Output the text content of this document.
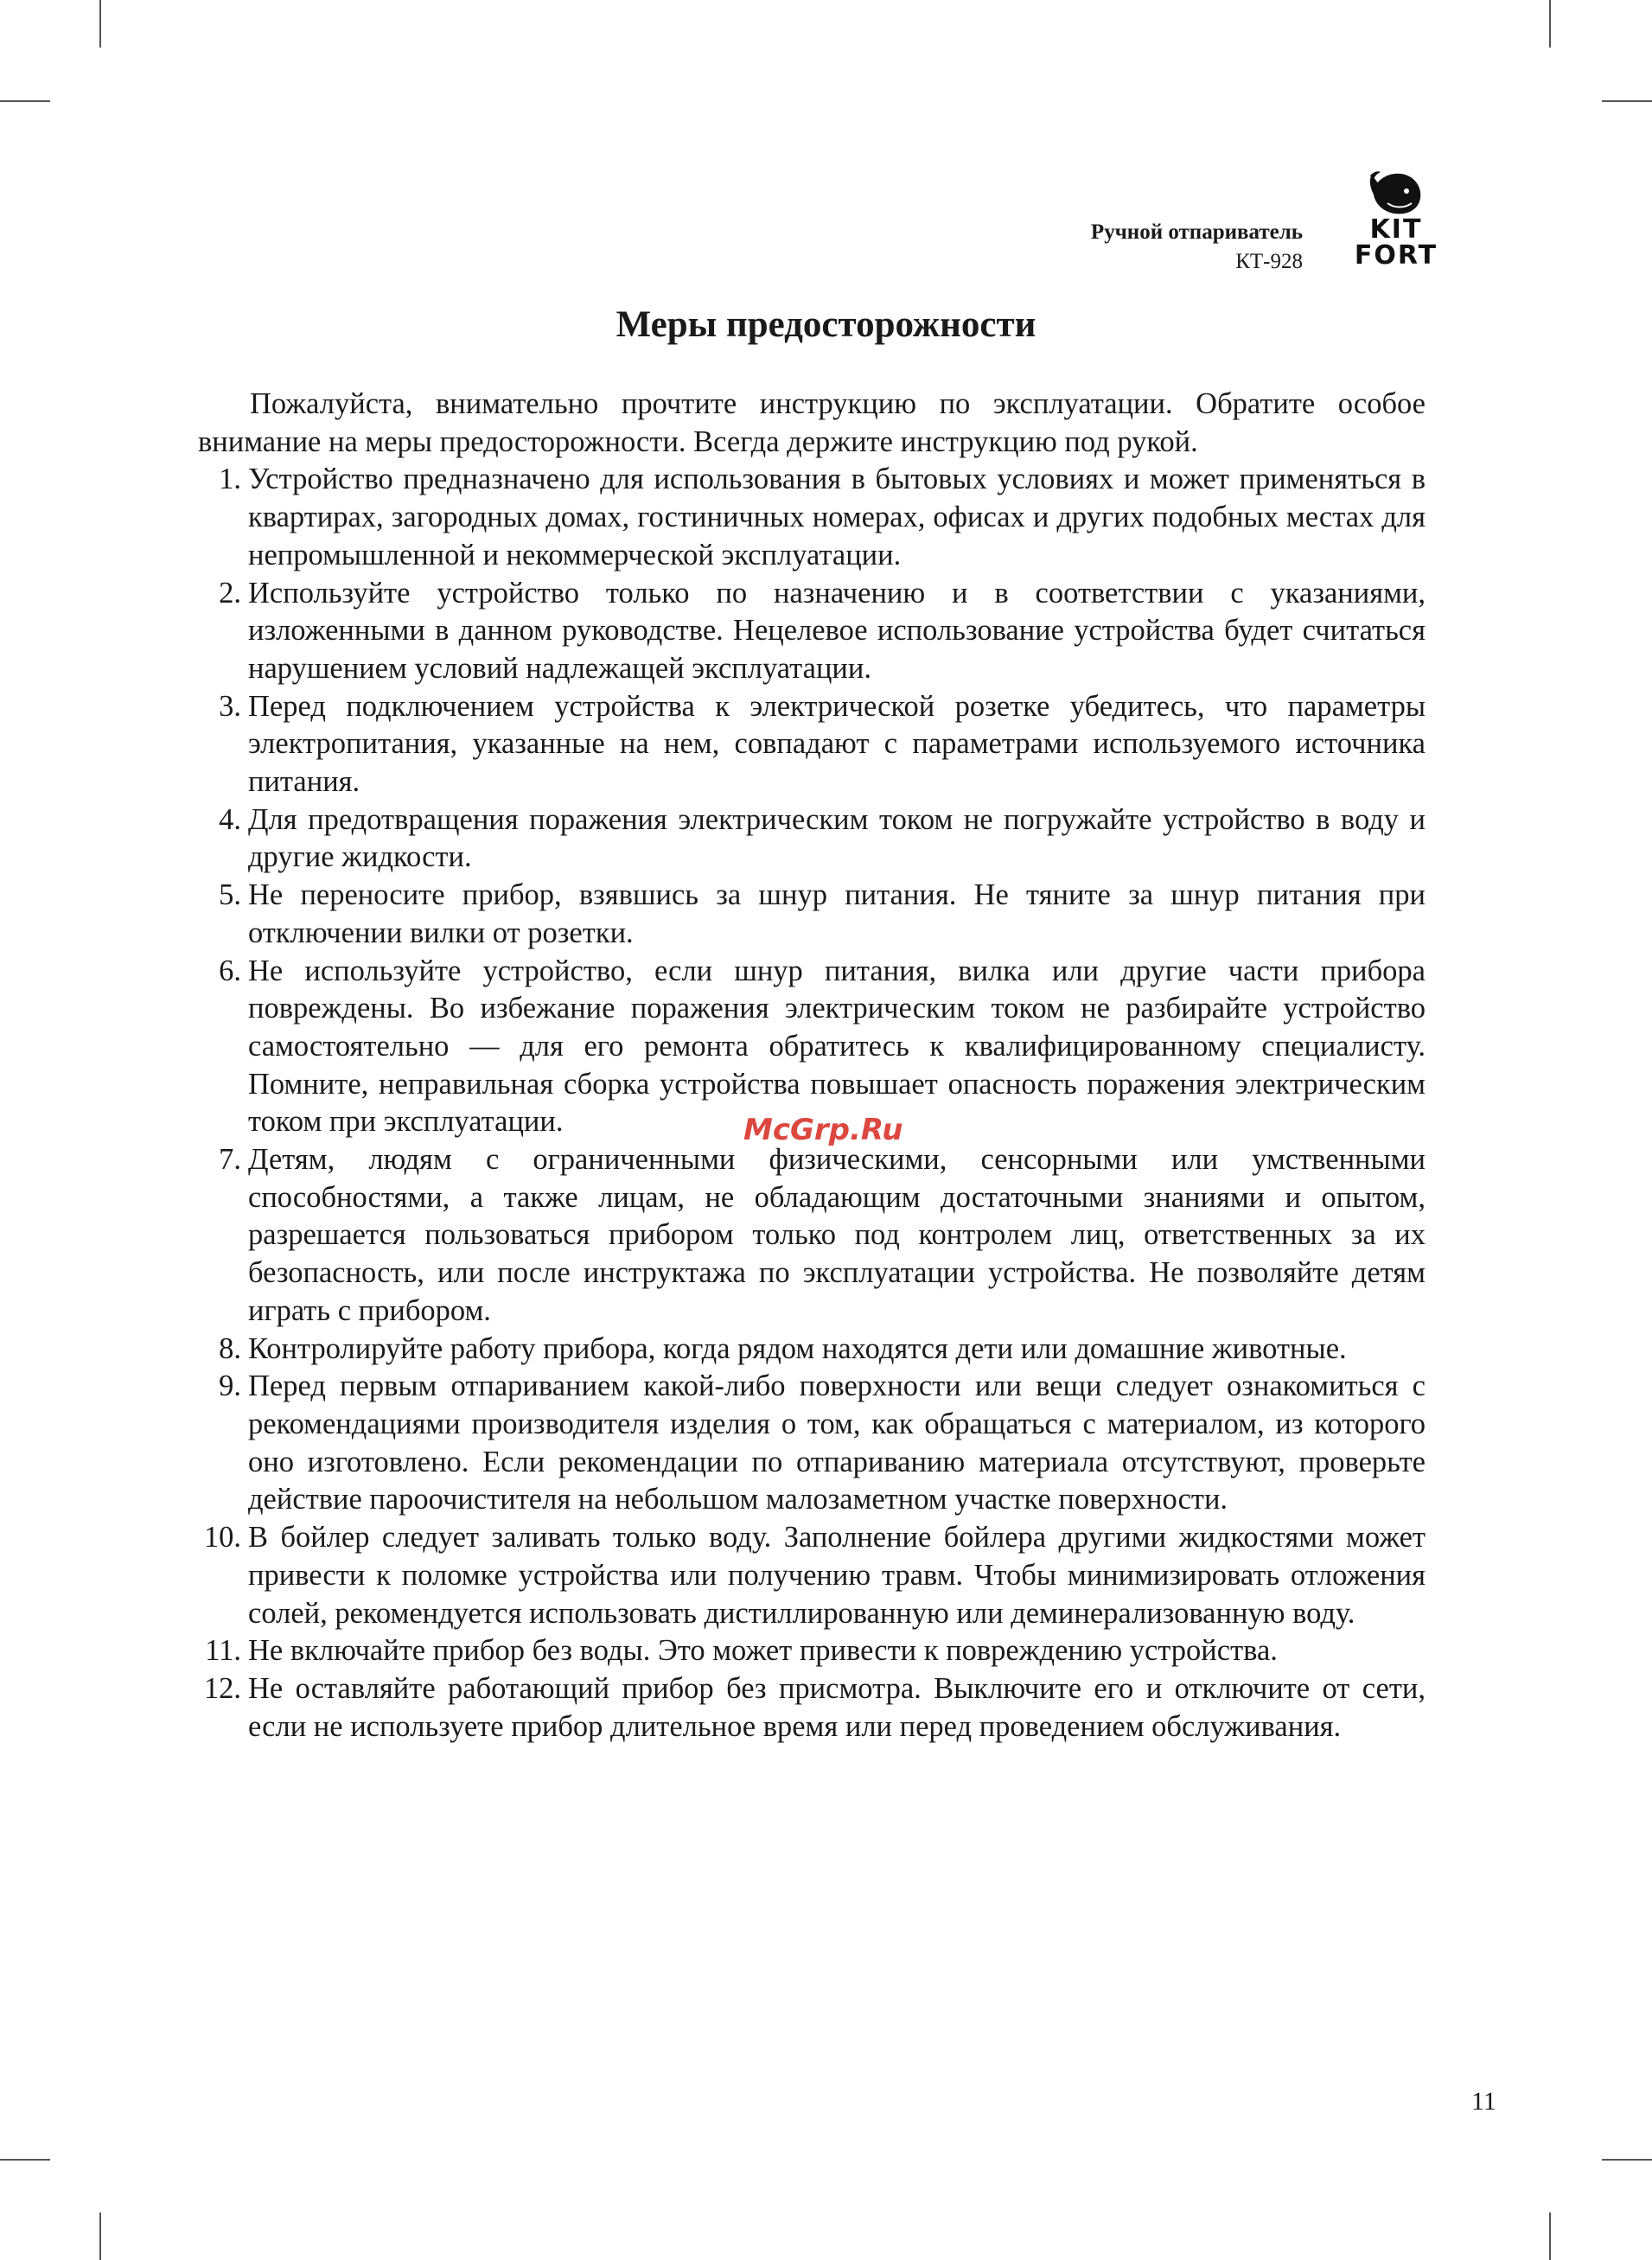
Ручной отпариватель
КТ-928
KIT
FORT
Меры предосторожности

Пожалуйста, внимательно прочтите инструкцию по эксплуатации. Обратите особое внимание на меры предосторожности. Всегда держите инструкцию под рукой.

1. Устройство предназначено для использования в бытовых условиях и может применяться в квартирах, загородных домах, гостиничных номерах, офисах и других подобных местах для непромышленной и некоммерческой эксплуатации.
2. Используйте устройство только по назначению и в соответствии с указаниями, изложенными в данном руководстве. Нецелевое использование устройства будет считаться нарушением условий надлежащей эксплуатации.
3. Перед подключением устройства к электрической розетке убедитесь, что параметры электропитания, указанные на нем, совпадают с параметрами используемого источника питания.
4. Для предотвращения поражения электрическим током не погружайте устройство в воду и другие жидкости.
5. Не переносите прибор, взявшись за шнур питания. Не тяните за шнур питания при отключении вилки от розетки.
6. Не используйте устройство, если шнур питания, вилка или другие части прибора повреждены. Во избежание поражения электрическим током не разбирайте устройство самостоятельно — для его ремонта обратитесь к квалифицированному специалисту. Помните, неправильная сборка устройства повышает опасность поражения электрическим током при эксплуатации.
7. Детям, людям с ограниченными физическими, сенсорными или умственными способностями, а также лицам, не обладающим достаточными знаниями и опытом, разрешается пользоваться прибором только под контролем лиц, ответственных за их безопасность, или после инструктажа по эксплуатации устройства. Не позволяйте детям играть с прибором.
8. Контролируйте работу прибора, когда рядом находятся дети или домашние животные.
9. Перед первым отпариванием какой-либо поверхности или вещи следует ознакомиться с рекомендациями производителя изделия о том, как обращаться с материалом, из которого оно изготовлено. Если рекомендации по отпариванию материала отсутствуют, проверьте действие пароочистителя на небольшом малозаметном участке поверхности.
10. В бойлер следует заливать только воду. Заполнение бойлера другими жидкостями может привести к поломке устройства или получению травм. Чтобы минимизировать отложения солей, рекомендуется использовать дистиллированную или деминерализованную воду.
11. Не включайте прибор без воды. Это может привести к повреждению устройства.
12. Не оставляйте работающий прибор без присмотра. Выключите его и отключите от сети, если не используете прибор длительное время или перед проведением обслуживания.
McGrp.Ru
11
